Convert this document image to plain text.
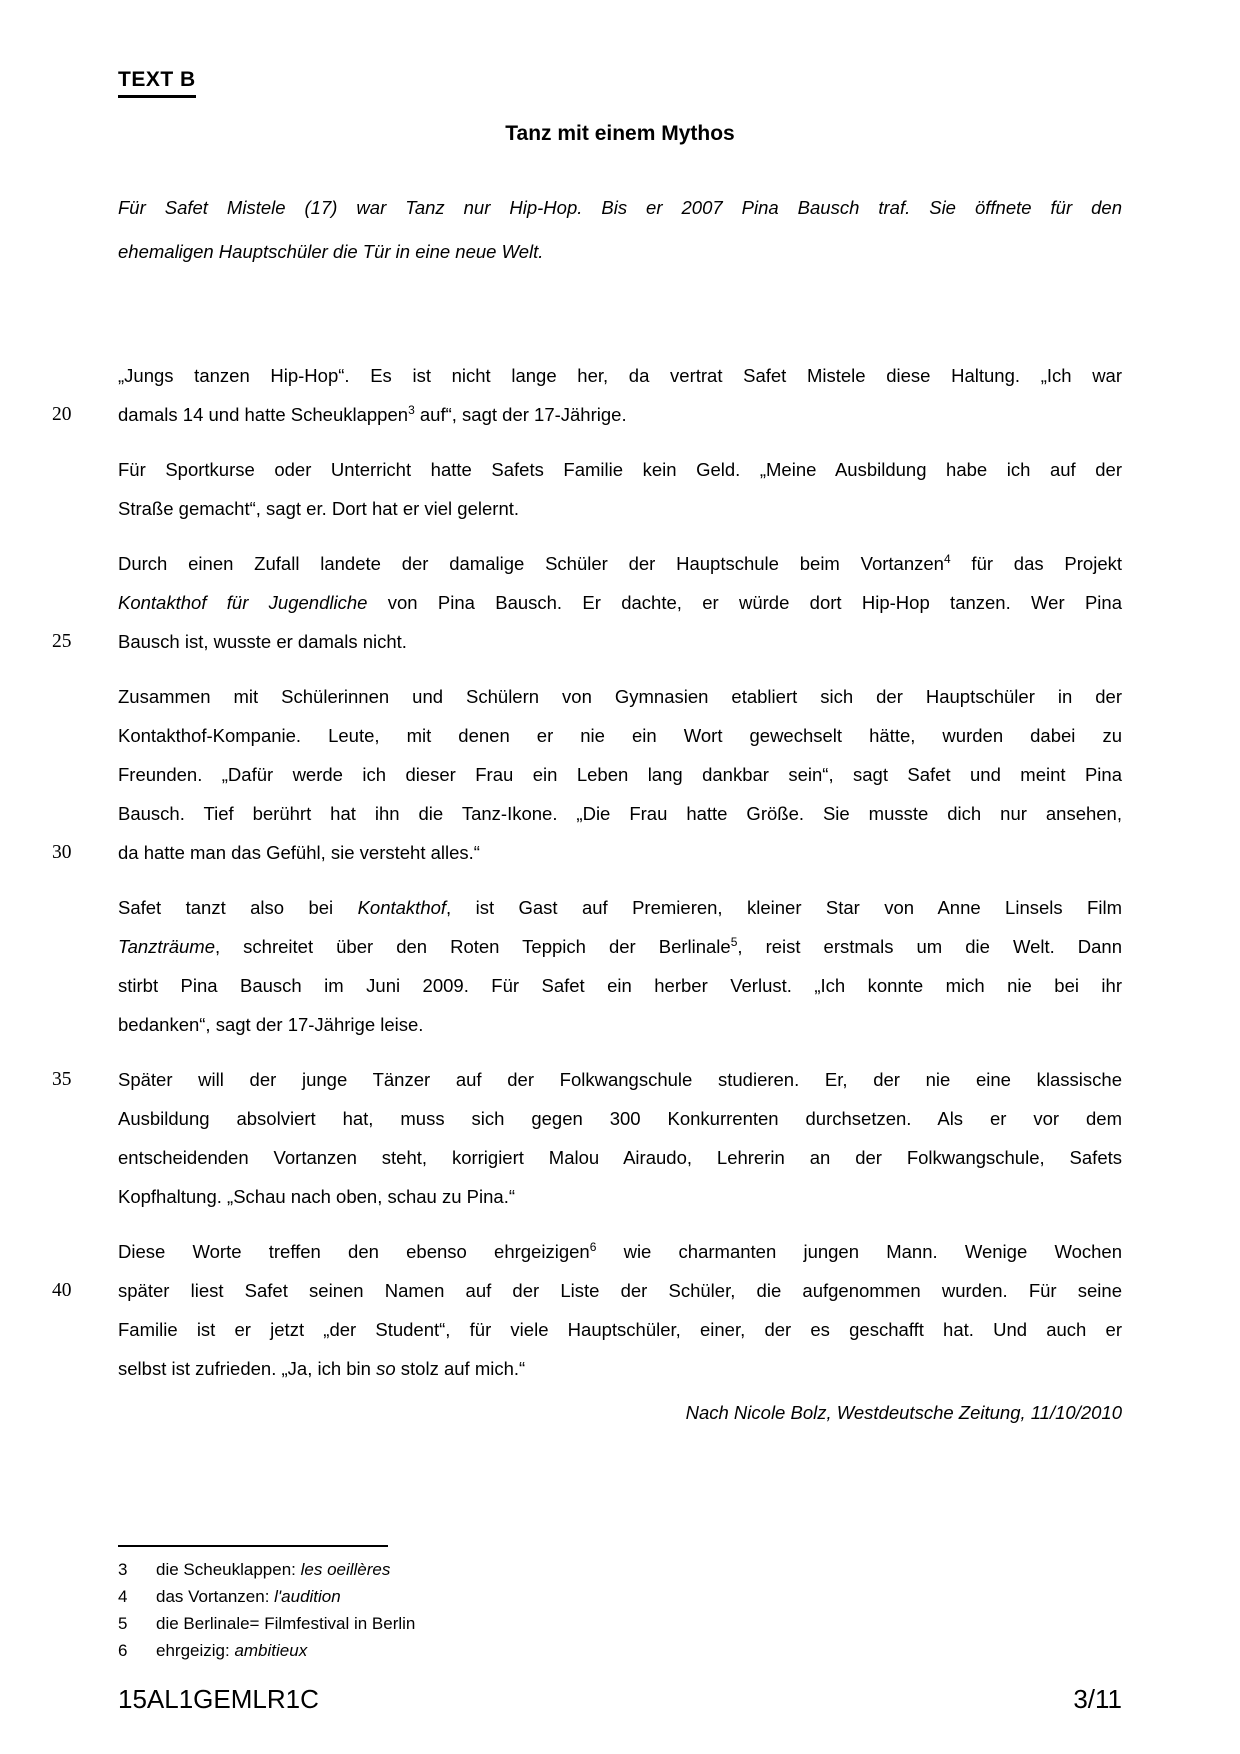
TEXT B
Tanz mit einem Mythos
Für Safet Mistele (17) war Tanz nur Hip-Hop. Bis er 2007 Pina Bausch traf. Sie öffnete für den
ehemaligen Hauptschüler die Tür in eine neue Welt.
„Jungs tanzen Hip-Hop“. Es ist nicht lange her, da vertrat Safet Mistele diese Haltung. „Ich war
20	damals 14 und hatte Scheuklappen$^3$ auf“, sagt der 17-Jährige.
Für Sportkurse oder Unterricht hatte Safets Familie kein Geld. „Meine Ausbildung habe ich auf der
Straße gemacht“, sagt er. Dort hat er viel gelernt.
Durch einen Zufall landete der damalige Schüler der Hauptschule beim Vortanzen$^4$ für das Projekt
Kontakthof für Jugendliche von Pina Bausch. Er dachte, er würde dort Hip-Hop tanzen. Wer Pina
25	Bausch ist, wusste er damals nicht.
Zusammen mit Schülerinnen und Schülern von Gymnasien etabliert sich der Hauptschüler in der
Kontakthof-Kompanie. Leute, mit denen er nie ein Wort gewechselt hätte, wurden dabei zu
Freunden. „Dafür werde ich dieser Frau ein Leben lang dankbar sein“, sagt Safet und meint Pina
Bausch. Tief berührt hat ihn die Tanz-Ikone. „Die Frau hatte Größe. Sie musste dich nur ansehen,
30	da hatte man das Gefühl, sie versteht alles.“
Safet tanzt also bei Kontakthof, ist Gast auf Premieren, kleiner Star von Anne Linsels Film
Tanzträume, schreitet über den Roten Teppich der Berlinale$^5$, reist erstmals um die Welt. Dann
stirbt Pina Bausch im Juni 2009. Für Safet ein herber Verlust. „Ich konnte mich nie bei ihr
bedanken“, sagt der 17-Jährige leise.
35	Später will der junge Tänzer auf der Folkwangschule studieren. Er, der nie eine klassische
Ausbildung absolviert hat, muss sich gegen 300 Konkurrenten durchsetzen. Als er vor dem
entscheidenden Vortanzen steht, korrigiert Malou Airaudo, Lehrerin an der Folkwangschule, Safets
Kopfhaltung. „Schau nach oben, schau zu Pina.“
Diese Worte treffen den ebenso ehrgeizigen$^6$ wie charmanten jungen Mann. Wenige Wochen
40	später liest Safet seinen Namen auf der Liste der Schüler, die aufgenommen wurden. Für seine
Familie ist er jetzt „der Student“, für viele Hauptschüler, einer, der es geschafft hat. Und auch er
selbst ist zufrieden. „Ja, ich bin so stolz auf mich.“
Nach Nicole Bolz, Westdeutsche Zeitung, 11/10/2010
3 die Scheuklappen: les oeillères
4 das Vortanzen: l'audition
5 die Berlinale= Filmfestival in Berlin
6 ehrgeizig: ambitieux
15AL1GEMLR1C	3/11
